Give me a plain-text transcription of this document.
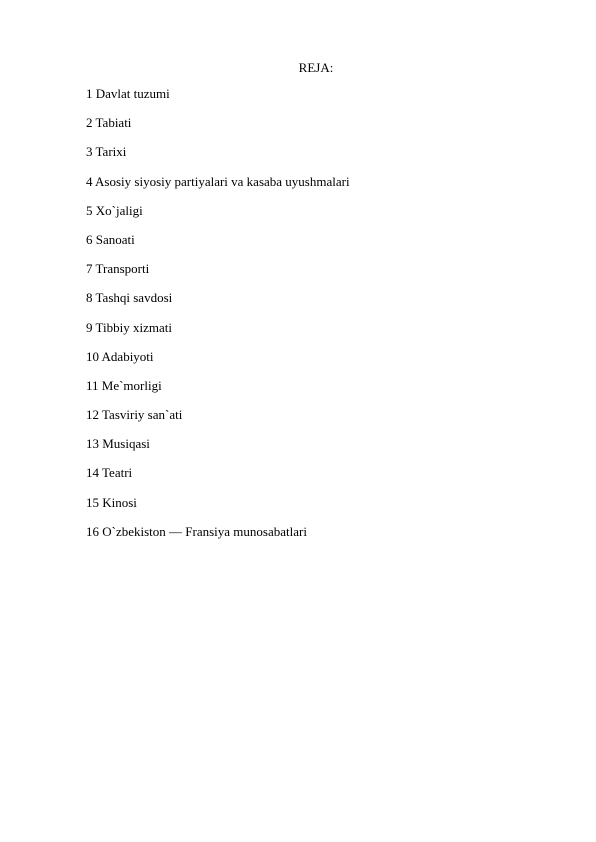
REJA:
1 Davlat tuzumi
2 Tabiati
3 Tarixi
4 Asosiy siyosiy partiyalari va kasaba uyushmalari
5 Xo`jaligi
6 Sanoati
7 Transporti
8 Tashqi savdosi
9 Tibbiy xizmati
10 Adabiyoti
11 Me`morligi
12 Tasviriy san`ati
13 Musiqasi
14 Teatri
15 Kinosi
16 O`zbekiston — Fransiya munosabatlari
